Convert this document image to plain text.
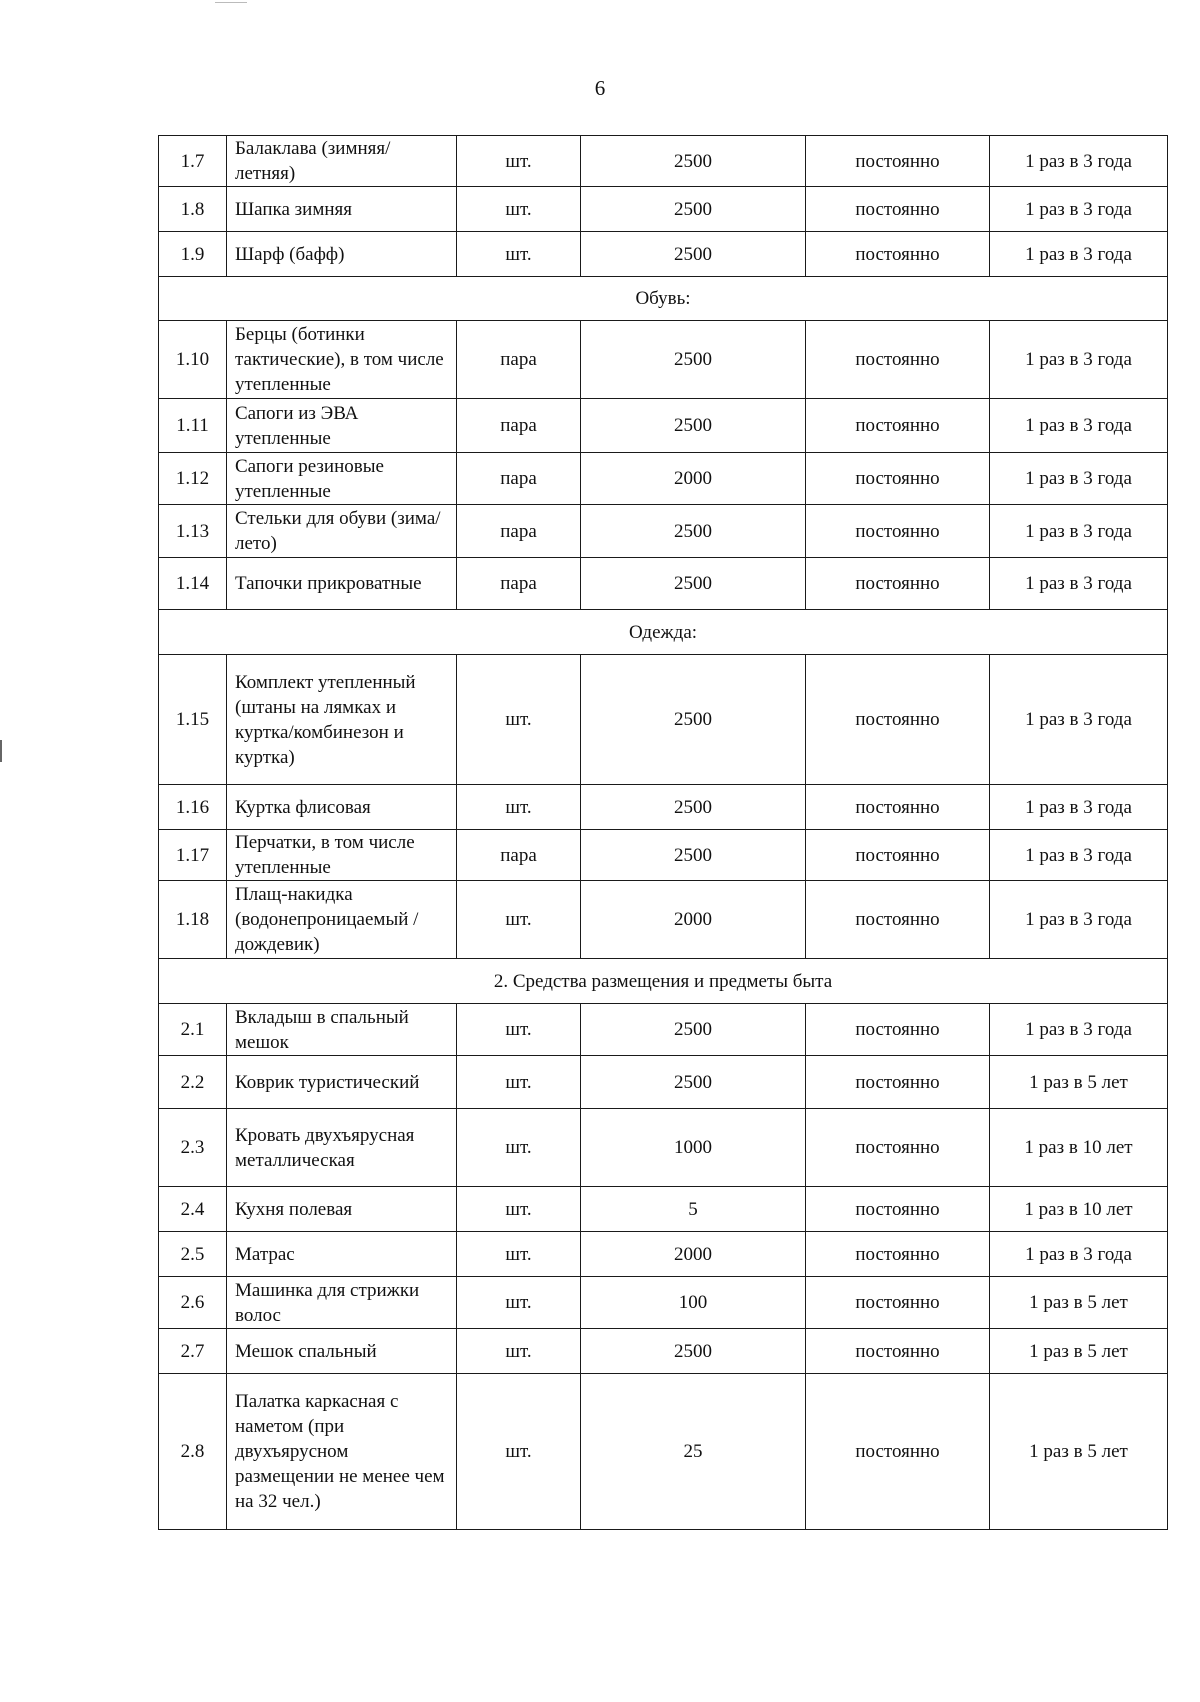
6
1.7	Балаклава (зимняя/летняя)	шт.	2500	постоянно	1 раз в 3 года
1.8	Шапка зимняя	шт.	2500	постоянно	1 раз в 3 года
1.9	Шарф (бафф)	шт.	2500	постоянно	1 раз в 3 года
Обувь:					
1.10	Берцы (ботинки тактические), в том числе утепленные	пара	2500	постоянно	1 раз в 3 года
1.11	Сапоги из ЭВА утепленные	пара	2500	постоянно	1 раз в 3 года
1.12	Сапоги резиновые утепленные	пара	2000	постоянно	1 раз в 3 года
1.13	Стельки для обуви (зима/лето)	пара	2500	постоянно	1 раз в 3 года
1.14	Тапочки прикроватные	пара	2500	постоянно	1 раз в 3 года
Одежда:					
1.15	Комплект утепленный (штаны на лямках и куртка/комбинезон и куртка)	шт.	2500	постоянно	1 раз в 3 года
1.16	Куртка флисовая	шт.	2500	постоянно	1 раз в 3 года
1.17	Перчатки, в том числе утепленные	пара	2500	постоянно	1 раз в 3 года
1.18	Плащ-накидка (водонепроницаемый /дождевик)	шт.	2000	постоянно	1 раз в 3 года
2. Средства размещения и предметы быта					
2.1	Вкладыш в спальный мешок	шт.	2500	постоянно	1 раз в 3 года
2.2	Коврик туристический	шт.	2500	постоянно	1 раз в 5 лет
2.3	Кровать двухъярусная металлическая	шт.	1000	постоянно	1 раз в 10 лет
2.4	Кухня полевая	шт.	5	постоянно	1 раз в 10 лет
2.5	Матрас	шт.	2000	постоянно	1 раз в 3 года
2.6	Машинка для стрижки волос	шт.	100	постоянно	1 раз в 5 лет
2.7	Мешок спальный	шт.	2500	постоянно	1 раз в 5 лет
2.8	Палатка каркасная с наметом (при двухъярусном размещении не менее чем на 32 чел.)	шт.	25	постоянно	1 раз в 5 лет
